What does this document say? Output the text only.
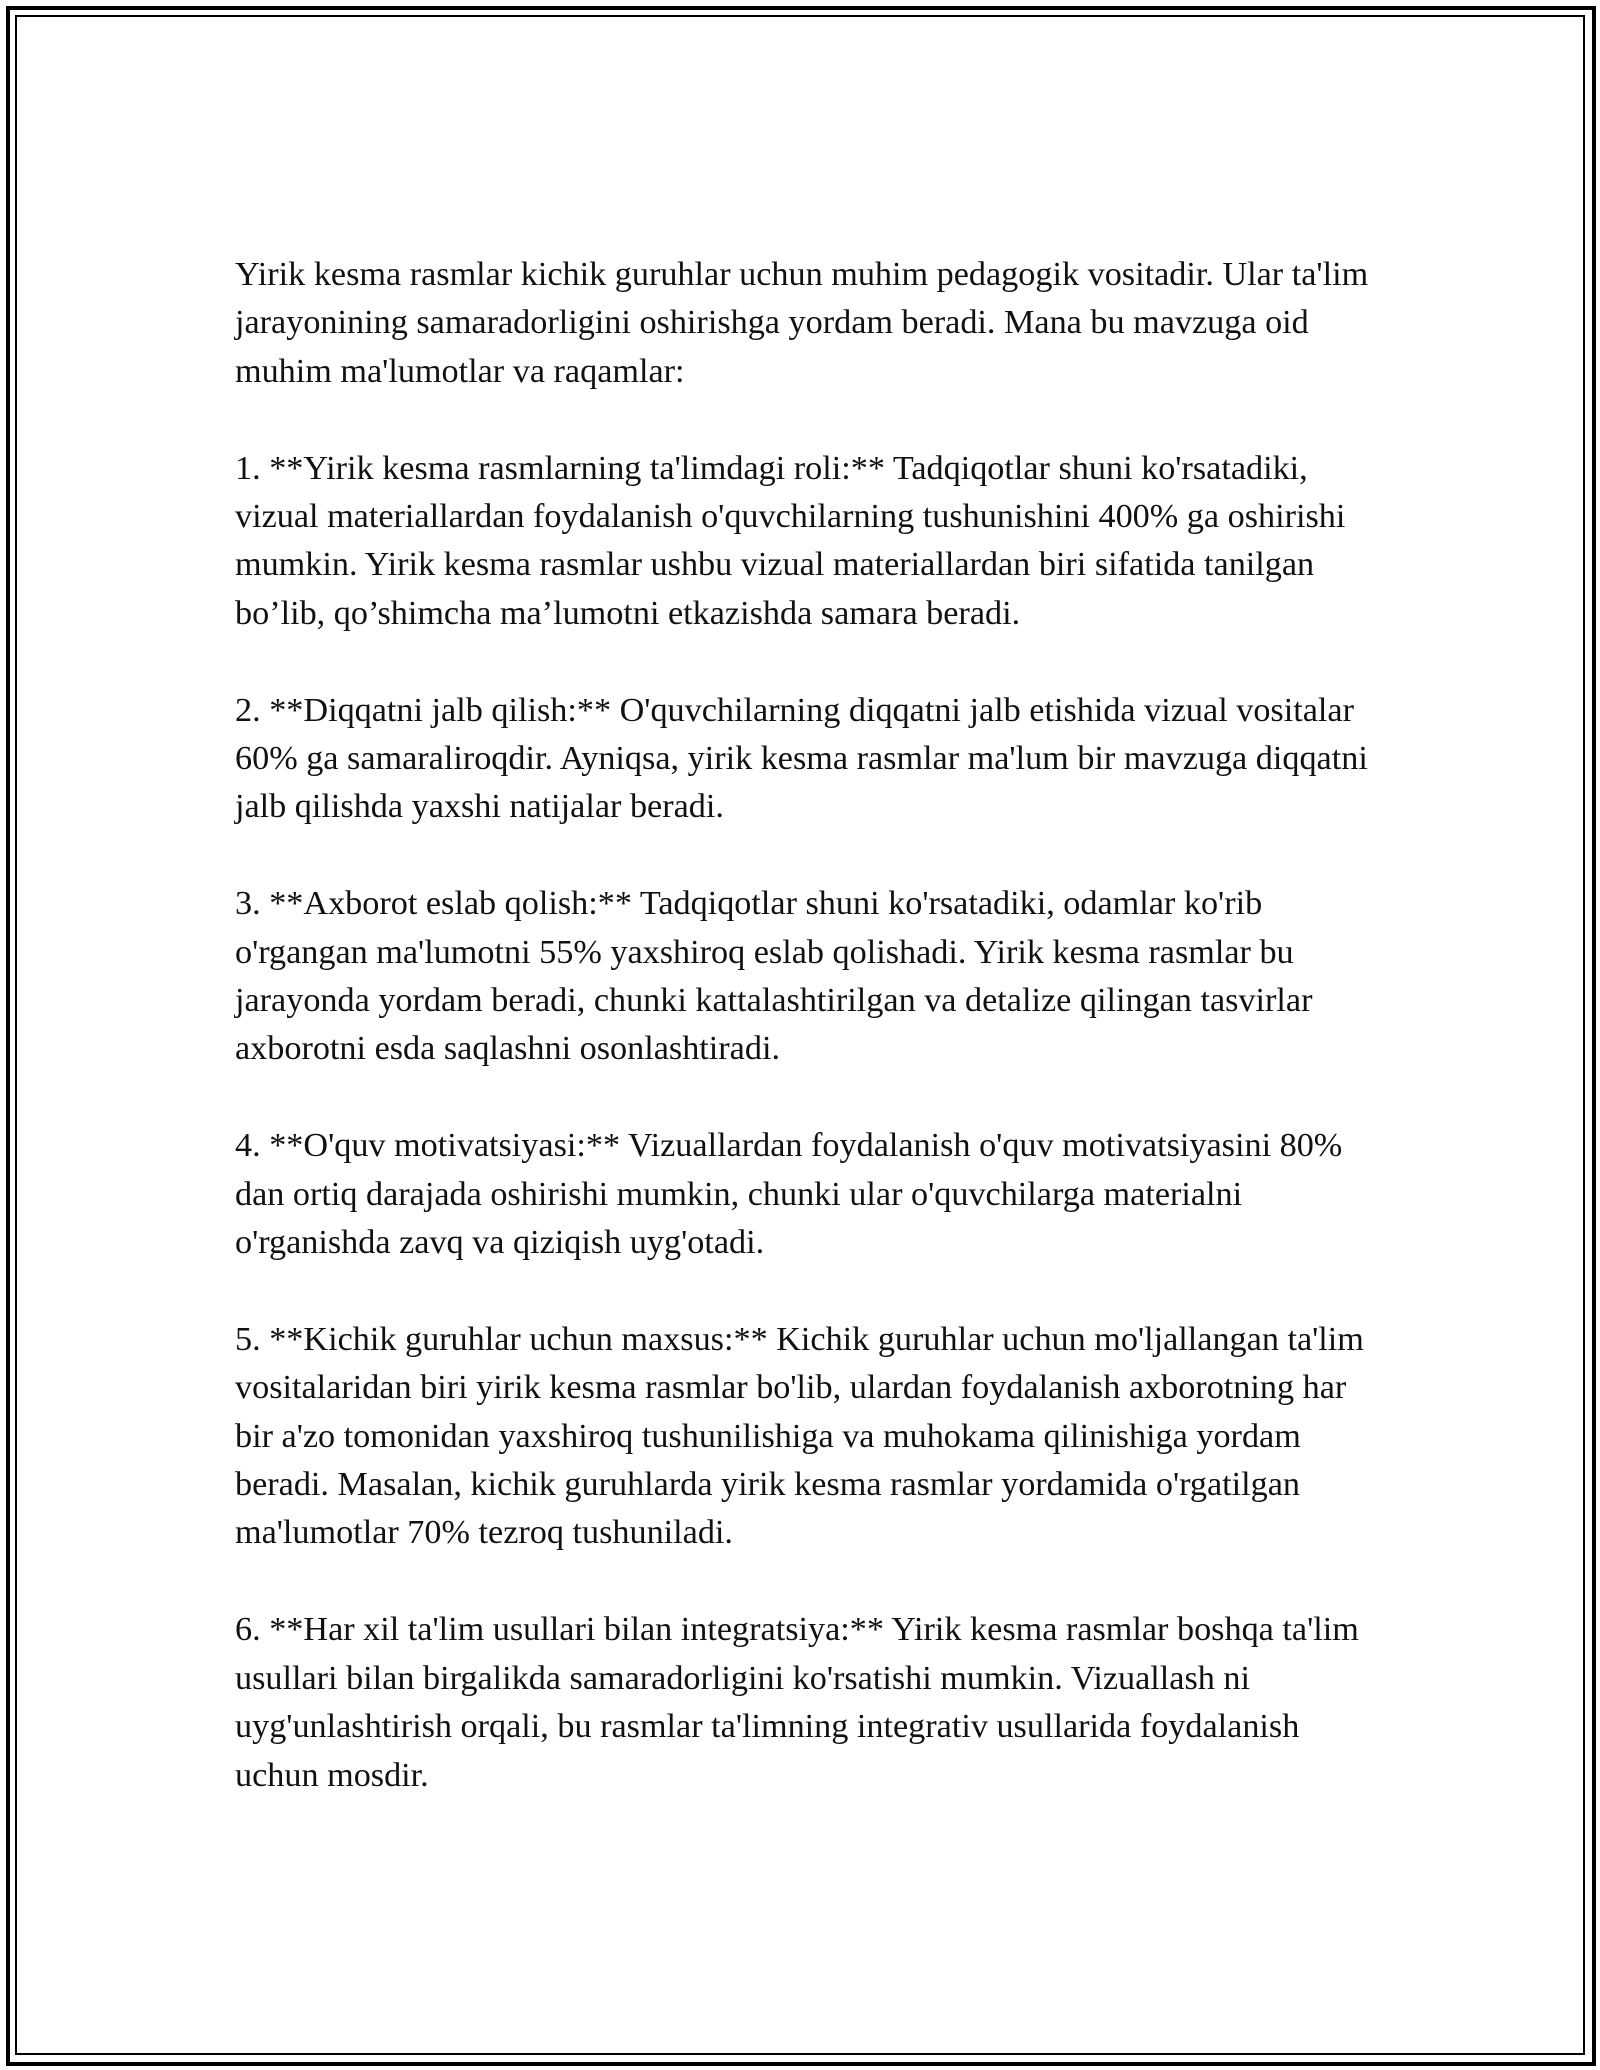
Yirik kesma rasmlar kichik guruhlar uchun muhim pedagogik vositadir. Ular ta'lim jarayonining samaradorligini oshirishga yordam beradi. Mana bu mavzuga oid muhim ma'lumotlar va raqamlar:

1. **Yirik kesma rasmlarning ta'limdagi roli:** Tadqiqotlar shuni ko'rsatadiki, vizual materiallardan foydalanish o'quvchilarning tushunishini 400% ga oshirishi mumkin. Yirik kesma rasmlar ushbu vizual materiallardan biri sifatida tanilgan bo’lib, qo’shimcha ma’lumotni etkazishda samara beradi.

2. **Diqqatni jalb qilish:** O'quvchilarning diqqatni jalb etishida vizual vositalar 60% ga samaraliroqdir. Ayniqsa, yirik kesma rasmlar ma'lum bir mavzuga diqqatni jalb qilishda yaxshi natijalar beradi.

3. **Axborot eslab qolish:** Tadqiqotlar shuni ko'rsatadiki, odamlar ko'rib o'rgangan ma'lumotni 55% yaxshiroq eslab qolishadi. Yirik kesma rasmlar bu jarayonda yordam beradi, chunki kattalashtirilgan va detalize qilingan tasvirlar axborotni esda saqlashni osonlashtiradi.

4. **O'quv motivatsiyasi:** Vizuallardan foydalanish o'quv motivatsiyasini 80% dan ortiq darajada oshirishi mumkin, chunki ular o'quvchilarga materialni o'rganishda zavq va qiziqish uyg'otadi.

5. **Kichik guruhlar uchun maxsus:** Kichik guruhlar uchun mo'ljallangan ta'lim vositalaridan biri yirik kesma rasmlar bo'lib, ulardan foydalanish axborotning har bir a'zo tomonidan yaxshiroq tushunilishiga va muhokama qilinishiga yordam beradi. Masalan, kichik guruhlarda yirik kesma rasmlar yordamida o'rgatilgan ma'lumotlar 70% tezroq tushuniladi.

6. **Har xil ta'lim usullari bilan integratsiya:** Yirik kesma rasmlar boshqa ta'lim usullari bilan birgalikda samaradorligini ko'rsatishi mumkin. Vizuallash ni uyg'unlashtirish orqali, bu rasmlar ta'limning integrativ usullarida foydalanish uchun mosdir.
